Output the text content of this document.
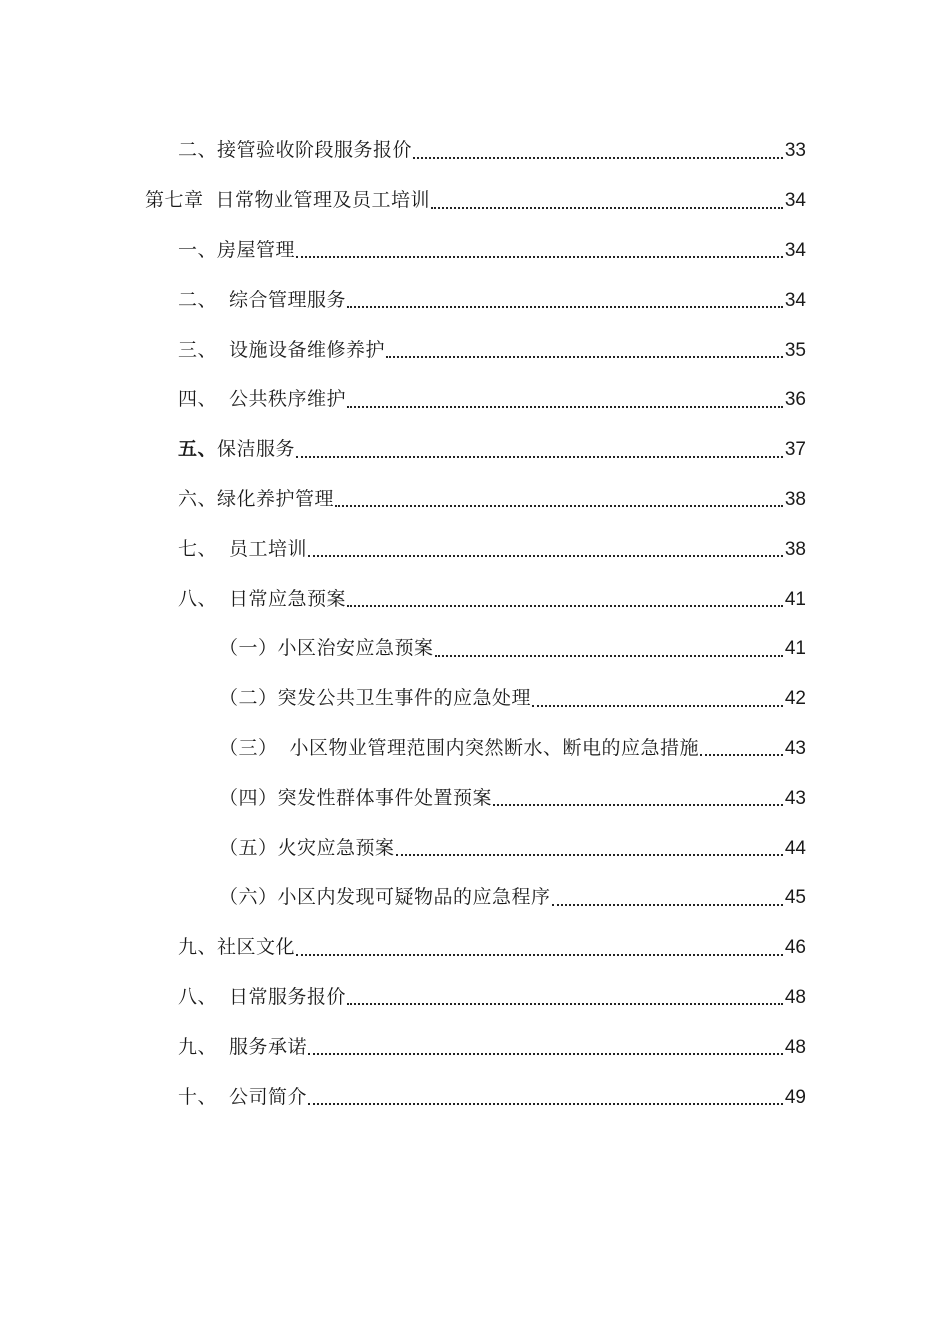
二、接管验收阶段服务报价	33
第七章 日常物业管理及员工培训	34
一、房屋管理	34
二、 综合管理服务	34
三、 设施设备维修养护	35
四、 公共秩序维护	36
五、保洁服务	37
六、绿化养护管理	38
七、 员工培训	38
八、 日常应急预案	41
（一）小区治安应急预案	41
（二）突发公共卫生事件的应急处理	42
（三） 小区物业管理范围内突然断水、断电的应急措施	43
（四）突发性群体事件处置预案	43
（五）火灾应急预案	44
（六）小区内发现可疑物品的应急程序	45
九、社区文化	46
八、 日常服务报价	48
九、 服务承诺	48
十、 公司简介	49
